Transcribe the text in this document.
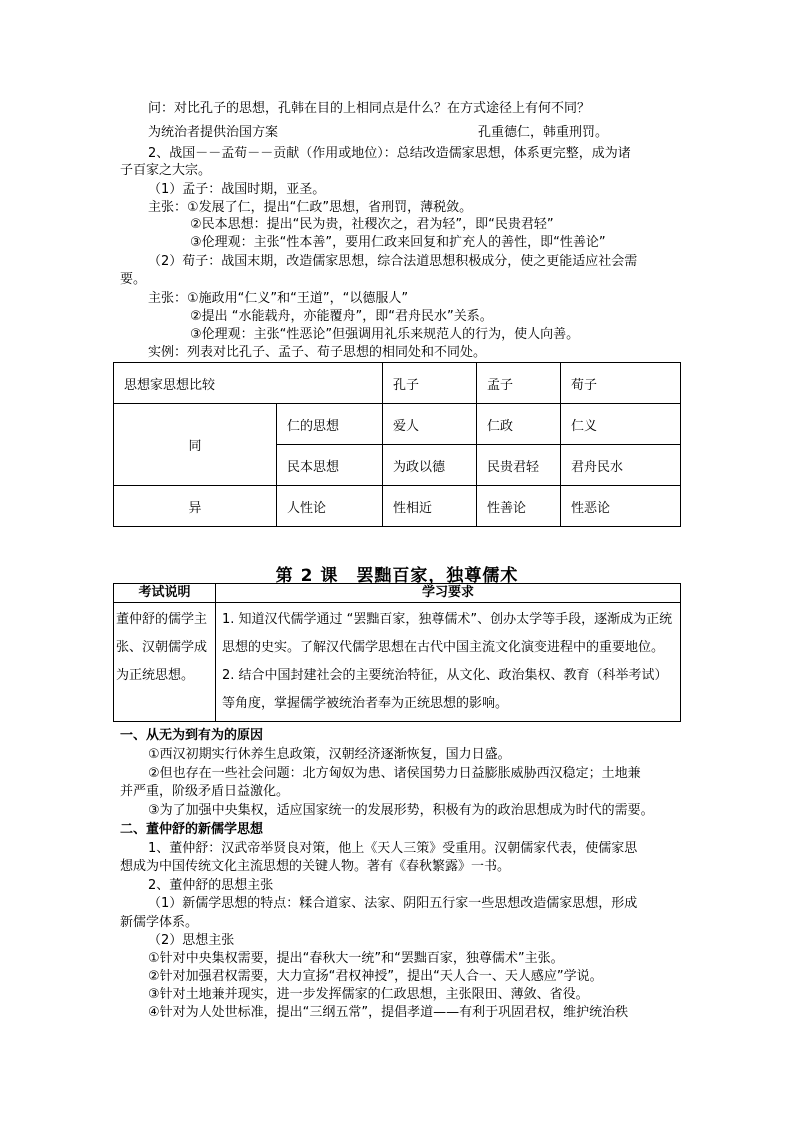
问：对比孔子的思想，孔韩在目的上相同点是什么？在方式途径上有何不同？
为统治者提供治国方案	孔重德仁，韩重刑罚。
2、战国－－孟荀－－贡献（作用或地位）：总结改造儒家思想，体系更完整，成为诸
子百家之大宗。
（1）孟子：战国时期，亚圣。
主张：①发展了仁，提出“仁政”思想，省刑罚，薄税敛。
②民本思想：提出“民为贵，社稷次之，君为轻”，即“民贵君轻”
③伦理观：主张“性本善”，要用仁政来回复和扩充人的善性，即“性善论”
（2）荀子：战国末期，改造儒家思想，综合法道思想积极成分，使之更能适应社会需
要。
主张：①施政用“仁义”和“王道”，“以德服人”
②提出 “水能载舟，亦能覆舟”，即“君舟民水”关系。
③伦理观：主张“性恶论”但强调用礼乐来规范人的行为，使人向善。
实例：列表对比孔子、孟子、荀子思想的相同处和不同处。
思想家思想比较		孔子	孟子	荀子
同	仁的思想	爱人	仁政	仁义
	民本思想	为政以德	民贵君轻	君舟民水
异	人性论	性相近	性善论	性恶论
第 2 课　罢黜百家，独尊儒术
考试说明	学习要求
董仲舒的儒学主张、汉朝儒学成为正统思想。	1. 知道汉代儒学通过 “罢黜百家，独尊儒术”、创办太学等手段，逐渐成为正统思想的史实。了解汉代儒学思想在古代中国主流文化演变进程中的重要地位。
2. 结合中国封建社会的主要统治特征，从文化、政治集权、教育（科举考试）等角度，掌握儒学被统治者奉为正统思想的影响。
一、从无为到有为的原因
①西汉初期实行休养生息政策，汉朝经济逐渐恢复，国力日盛。
②但也存在一些社会问题：北方匈奴为患、诸侯国势力日益膨胀威胁西汉稳定；土地兼
并严重，阶级矛盾日益激化。
③为了加强中央集权，适应国家统一的发展形势，积极有为的政治思想成为时代的需要。
二、董仲舒的新儒学思想
1、董仲舒：汉武帝举贤良对策，他上《天人三策》受重用。汉朝儒家代表，使儒家思
想成为中国传统文化主流思想的关键人物。著有《春秋繁露》一书。
2、董仲舒的思想主张
（1）新儒学思想的特点：糅合道家、法家、阴阳五行家一些思想改造儒家思想，形成
新儒学体系。
（2）思想主张
①针对中央集权需要，提出“春秋大一统”和“罢黜百家，独尊儒术”主张。
②针对加强君权需要，大力宣扬“君权神授”，提出“天人合一、天人感应”学说。
③针对土地兼并现实，进一步发挥儒家的仁政思想，主张限田、薄敛、省役。
④针对为人处世标准，提出“三纲五常”，提倡孝道——有利于巩固君权，维护统治秩
